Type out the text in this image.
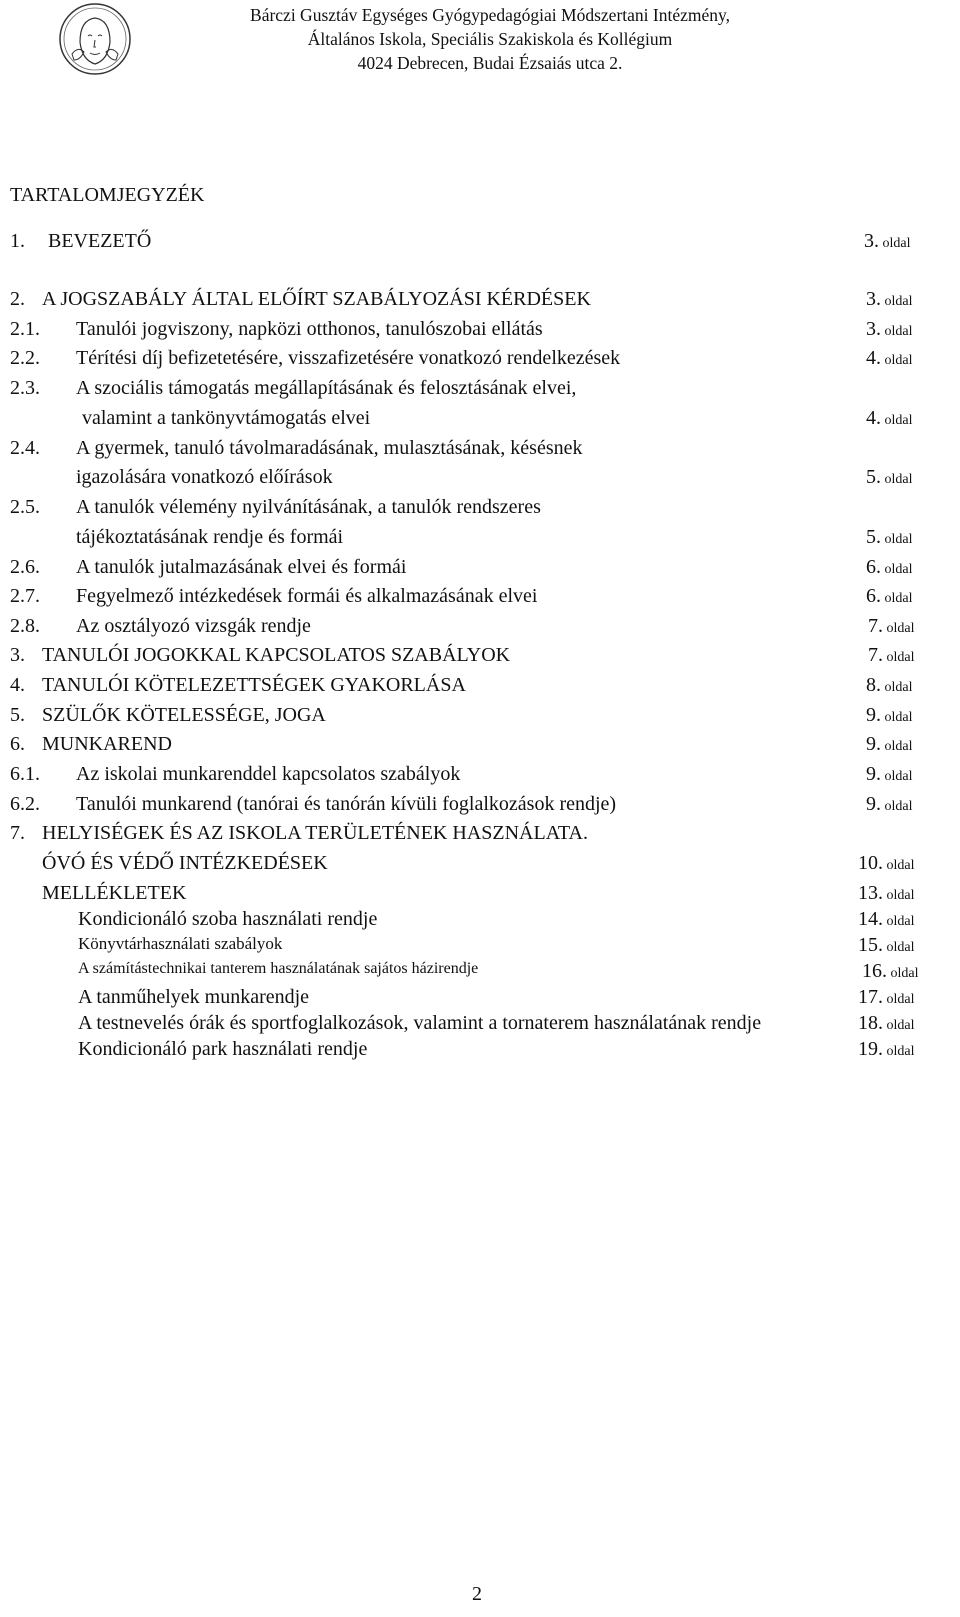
Bárczi Gusztáv Egységes Gyógypedagógiai Módszertani Intézmény,
Általános Iskola, Speciális Szakiskola és Kollégium
4024 Debrecen, Budai Ézsaiás utca 2.
TARTALOMJEGYZÉK
1. BEVEZETŐ	3. oldal
2. A JOGSZABÁLY ÁLTAL ELŐÍRT SZABÁLYOZÁSI KÉRDÉSEK	3. oldal
2.1. Tanulói jogviszony, napközi otthonos, tanulószobai ellátás	3. oldal
2.2. Térítési díj befizetetésére, visszafizetésére vonatkozó rendelkezések	4. oldal
2.3. A szociális támogatás megállapításának és felosztásának elvei,
valamint a tankönyvtámogatás elvei	4. oldal
2.4. A gyermek, tanuló távolmaradásának, mulasztásának, késésnek
igazolására vonatkozó előírások	5. oldal
2.5. A tanulók vélemény nyilvánításának, a tanulók rendszeres
tájékoztatásának rendje és formái	5. oldal
2.6. A tanulók jutalmazásának elvei és formái	6. oldal
2.7. Fegyelmező intézkedések formái és alkalmazásának elvei	6. oldal
2.8. Az osztályozó vizsgák rendje	7. oldal
3. TANULÓI JOGOKKAL KAPCSOLATOS SZABÁLYOK	7. oldal
4. TANULÓI KÖTELEZETTSÉGEK GYAKORLÁSA	8. oldal
5. SZÜLŐK KÖTELESSÉGE, JOGA	9. oldal
6. MUNKAREND	9. oldal
6.1. Az iskolai munkarenddel kapcsolatos szabályok	9. oldal
6.2. Tanulói munkarend (tanórai és tanórán kívüli foglalkozások rendje)	9. oldal
7. HELYISÉGEK ÉS AZ ISKOLA TERÜLETÉNEK HASZNÁLATA.
ÓVÓ ÉS VÉDŐ INTÉZKEDÉSEK	10. oldal
MELLÉKLETEK	13. oldal
Kondicionáló szoba használati rendje	14. oldal
Könyvtárhasználati szabályok	15. oldal
A számítástechnikai tanterem használatának sajátos házirendje	16. oldal
A tanműhelyek munkarendje	17. oldal
A testnevelés órák és sportfoglalkozások, valamint a tornaterem használatának rendje	18. oldal
Kondicionáló park használati rendje	19. oldal
2
